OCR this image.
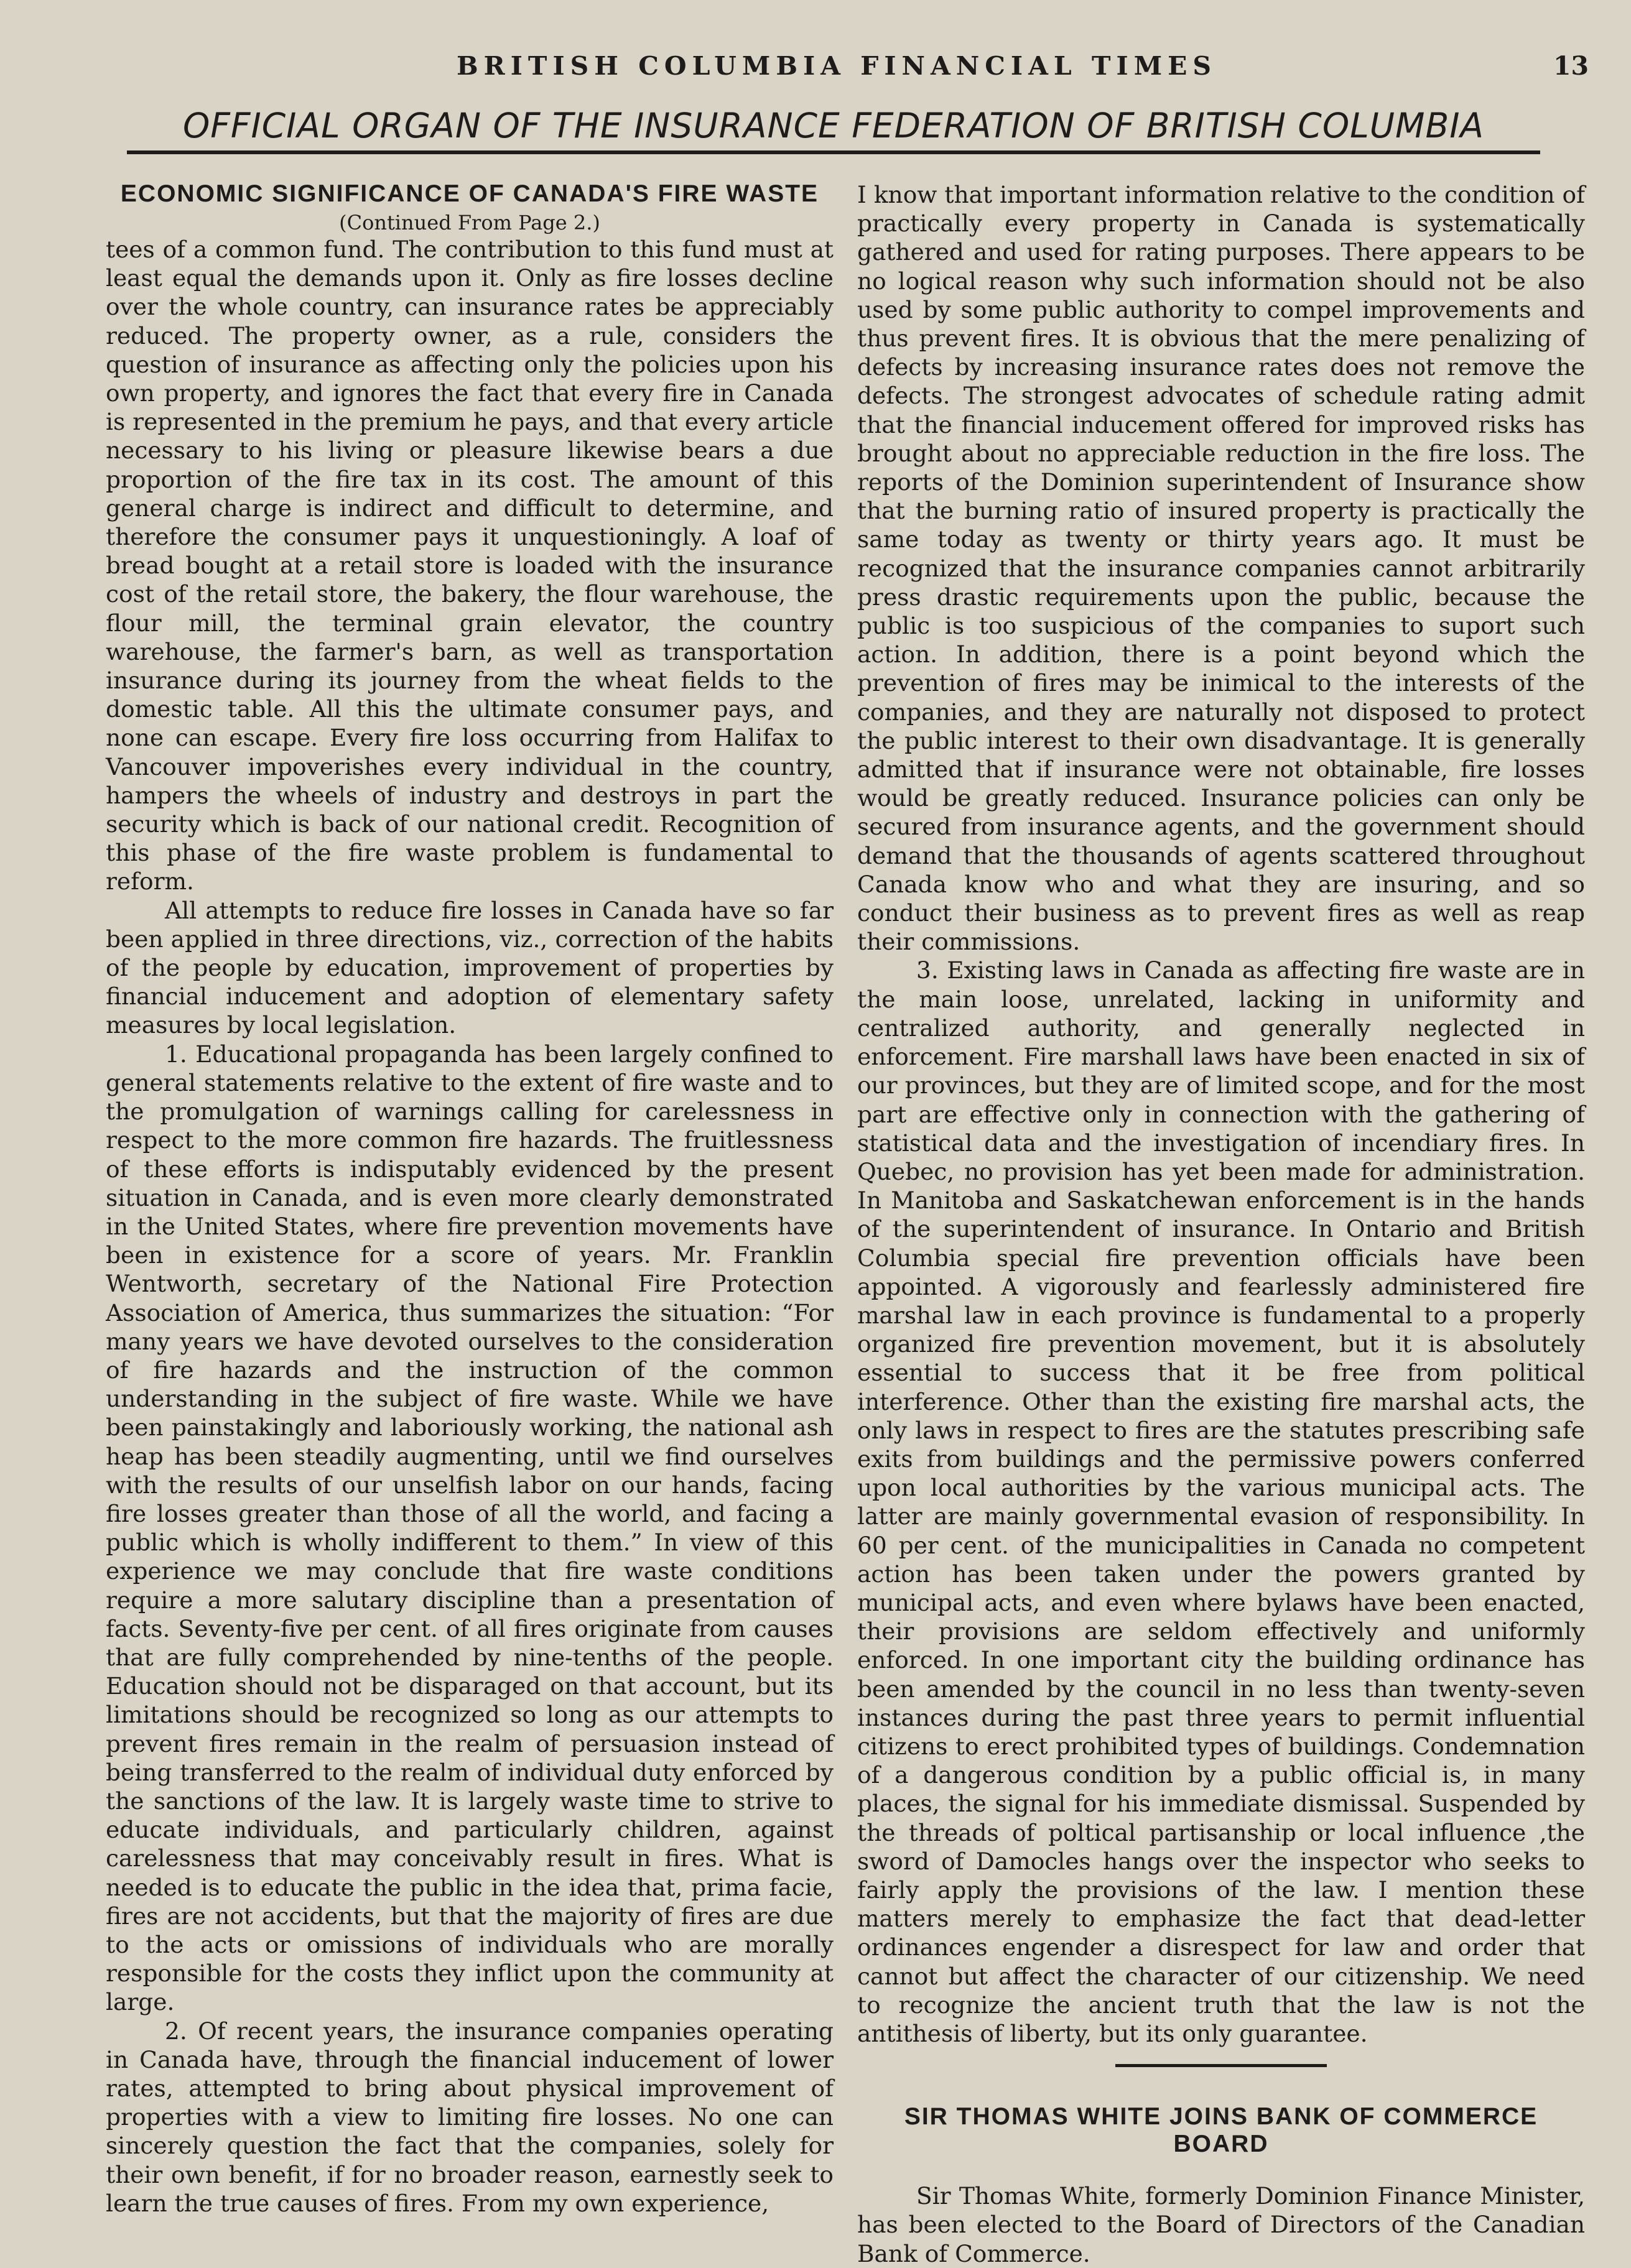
BRITISH COLUMBIA FINANCIAL TIMES	13
OFFICIAL ORGAN OF THE INSURANCE FEDERATION OF BRITISH COLUMBIA
ECONOMIC SIGNIFICANCE OF CANADA'S FIRE WASTE
(Continued From Page 2.)

tees of a common fund. The contribution to this fund must at least equal the demands upon it. Only as fire losses decline over the whole country, can insurance rates be appreciably reduced. The property owner, as a rule, considers the question of insurance as affecting only the policies upon his own property, and ignores the fact that every fire in Canada is represented in the premium he pays, and that every article necessary to his living or pleasure likewise bears a due proportion of the fire tax in its cost. The amount of this general charge is indirect and difficult to determine, and therefore the consumer pays it unquestioningly. A loaf of bread bought at a retail store is loaded with the insurance cost of the retail store, the bakery, the flour warehouse, the flour mill, the terminal grain elevator, the country warehouse, the farmer's barn, as well as transportation insurance during its journey from the wheat fields to the domestic table. All this the ultimate consumer pays, and none can escape. Every fire loss occurring from Halifax to Vancouver impoverishes every individual in the country, hampers the wheels of industry and destroys in part the security which is back of our national credit. Recognition of this phase of the fire waste problem is fundamental to reform.

All attempts to reduce fire losses in Canada have so far been applied in three directions, viz., correction of the habits of the people by education, improvement of properties by financial inducement and adoption of elementary safety measures by local legislation.

1. Educational propaganda has been largely confined to general statements relative to the extent of fire waste and to the promulgation of warnings calling for carelessness in respect to the more common fire hazards. The fruitlessness of these efforts is indisputably evidenced by the present situation in Canada, and is even more clearly demonstrated in the United States, where fire prevention movements have been in existence for a score of years. Mr. Franklin Wentworth, secretary of the National Fire Protection Association of America, thus summarizes the situation: “For many years we have devoted ourselves to the consideration of fire hazards and the instruction of the common understanding in the subject of fire waste. While we have been painstakingly and laboriously working, the national ash heap has been steadily augmenting, until we find ourselves with the results of our unselfish labor on our hands, facing fire losses greater than those of all the world, and facing a public which is wholly indifferent to them.” In view of this experience we may conclude that fire waste conditions require a more salutary discipline than a presentation of facts. Seventy-five per cent. of all fires originate from causes that are fully comprehended by nine-tenths of the people. Education should not be disparaged on that account, but its limitations should be recognized so long as our attempts to prevent fires remain in the realm of persuasion instead of being transferred to the realm of individual duty enforced by the sanctions of the law. It is largely waste time to strive to educate individuals, and particularly children, against carelessness that may conceivably result in fires. What is needed is to educate the public in the idea that, prima facie, fires are not accidents, but that the majority of fires are due to the acts or omissions of individuals who are morally responsible for the costs they inflict upon the community at large.

2. Of recent years, the insurance companies operating in Canada have, through the financial inducement of lower rates, attempted to bring about physical improvement of properties with a view to limiting fire losses. No one can sincerely question the fact that the companies, solely for their own benefit, if for no broader reason, earnestly seek to learn the true causes of fires. From my own experience,

I know that important information relative to the condition of practically every property in Canada is systematically gathered and used for rating purposes. There appears to be no logical reason why such information should not be also used by some public authority to compel improvements and thus prevent fires. It is obvious that the mere penalizing of defects by increasing insurance rates does not remove the defects. The strongest advocates of schedule rating admit that the financial inducement offered for improved risks has brought about no appreciable reduction in the fire loss. The reports of the Dominion superintendent of Insurance show that the burning ratio of insured property is practically the same today as twenty or thirty years ago. It must be recognized that the insurance companies cannot arbitrarily press drastic requirements upon the public, because the public is too suspicious of the companies to suport such action. In addition, there is a point beyond which the prevention of fires may be inimical to the interests of the companies, and they are naturally not disposed to protect the public interest to their own disadvantage. It is generally admitted that if insurance were not obtainable, fire losses would be greatly reduced. Insurance policies can only be secured from insurance agents, and the government should demand that the thousands of agents scattered throughout Canada know who and what they are insuring, and so conduct their business as to prevent fires as well as reap their commissions.

3. Existing laws in Canada as affecting fire waste are in the main loose, unrelated, lacking in uniformity and centralized authority, and generally neglected in enforcement. Fire marshall laws have been enacted in six of our provinces, but they are of limited scope, and for the most part are effective only in connection with the gathering of statistical data and the investigation of incendiary fires. In Quebec, no provision has yet been made for administration. In Manitoba and Saskatchewan enforcement is in the hands of the superintendent of insurance. In Ontario and British Columbia special fire prevention officials have been appointed. A vigorously and fearlessly administered fire marshal law in each province is fundamental to a properly organized fire prevention movement, but it is absolutely essential to success that it be free from political interference. Other than the existing fire marshal acts, the only laws in respect to fires are the statutes prescribing safe exits from buildings and the permissive powers conferred upon local authorities by the various municipal acts. The latter are mainly governmental evasion of responsibility. In 60 per cent. of the municipalities in Canada no competent action has been taken under the powers granted by municipal acts, and even where bylaws have been enacted, their provisions are seldom effectively and uniformly enforced. In one important city the building ordinance has been amended by the council in no less than twenty-seven instances during the past three years to permit influential citizens to erect prohibited types of buildings. Condemnation of a dangerous condition by a public official is, in many places, the signal for his immediate dismissal. Suspended by the threads of poltical partisanship or local influence ,the sword of Damocles hangs over the inspector who seeks to fairly apply the provisions of the law. I mention these matters merely to emphasize the fact that dead-letter ordinances engender a disrespect for law and order that cannot but affect the character of our citizenship. We need to recognize the ancient truth that the law is not the antithesis of liberty, but its only guarantee.

SIR THOMAS WHITE JOINS BANK OF COMMERCE BOARD

Sir Thomas White, formerly Dominion Finance Minister, has been elected to the Board of Directors of the Canadian Bank of Commerce.
